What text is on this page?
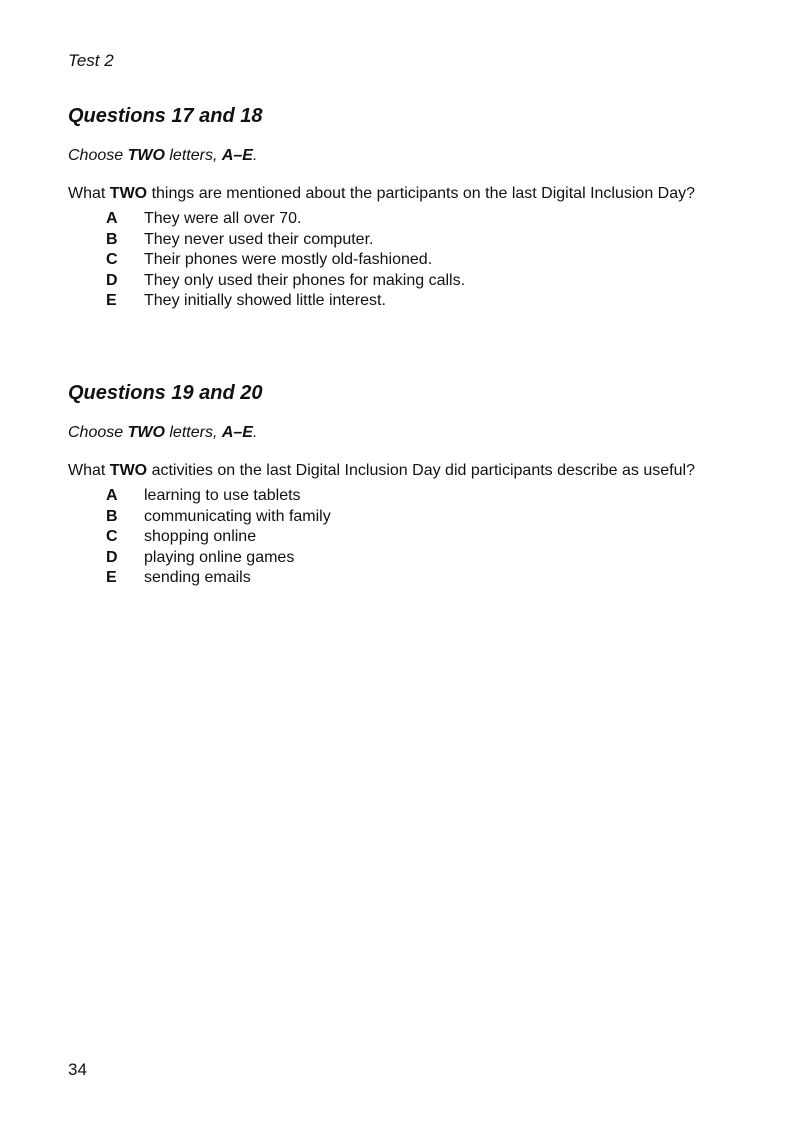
Test 2
Questions 17 and 18
Choose TWO letters, A–E.
What TWO things are mentioned about the participants on the last Digital Inclusion Day?
A	They were all over 70.
B	They never used their computer.
C	Their phones were mostly old-fashioned.
D	They only used their phones for making calls.
E	They initially showed little interest.
Questions 19 and 20
Choose TWO letters, A–E.
What TWO activities on the last Digital Inclusion Day did participants describe as useful?
A	learning to use tablets
B	communicating with family
C	shopping online
D	playing online games
E	sending emails
34
